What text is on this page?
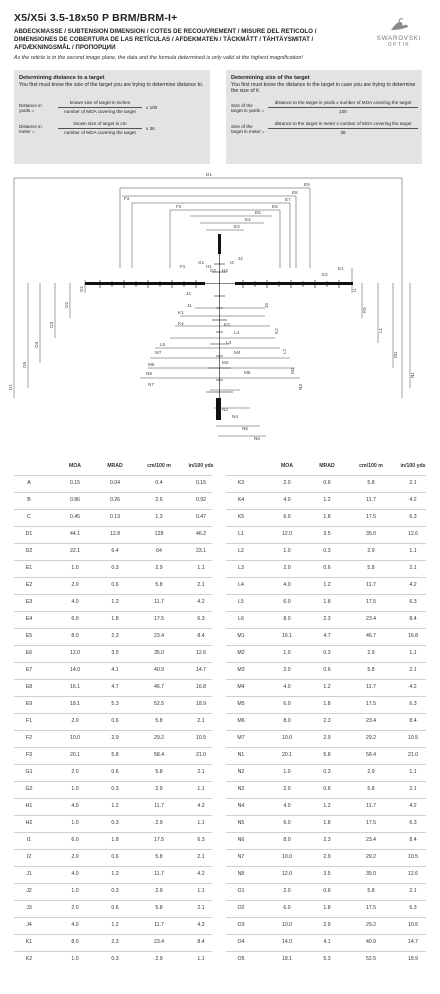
X5/X5i 3.5-18x50 P BRM/BRM-I+
ABDECKMASSE / SUBTENSION DIMENSION / COTES DE RECOUVREMENT / MISURE DEL RETICOLO / DIMENSIONES DE COBERTURA DE LAS RETÍCULAS / AFDEKMATEN / TÄCKMÅTT / TÄHTÄYSMITAT / AFDÆKNINGSMÅL / ПРОПОРЦИИ
As the reticle is in the second image plane, the data and the formula determined is only valid at the highest magnification!
SWAROVSKI
OPTIK
Determining distance to a target
You first must know the size of the target you are trying to determine distance to.
Distance in yards =
known size of target in inches
number of MOA covering the target
x 100
Distance in meter =
known size of target in cm
number of MOA covering the target
x 36
Determining size of the target
You first must know the distance to the target in case you are trying to determine the size of it.
Size of the target in yards =
distance to the target in yards x number of MOA covering the target
100
Size of the target in meter =
distance to the target in meter x number of MOA covering the target
36
D1
E9
E8
E7
E6
E5
E4
E3
F3
F2
F1
G1
G2
H1
H2
I2
J2
E2
E1
J4
J1
K1
K4
L5
M7
M6
N8
N7
K3
L4
L3
M4
M3
M5
N2
N4
N5
N6
D1
O5
O4
O3
O2
O1
N1
M1
L1
K5
I1
K2
L2
M2
N3
J3
MOA	MRAD	cm/100 m	in/100 yds	MOA	MRAD	cm/100 m	in/100 yds
A	0.15	0.04	0.4	0.15	K3	2.0	0.6	5.8	2.1
B	0.86	0.26	2.6	0.92	K4	4.0	1.2	11.7	4.2
C	0.45	0.13	1.3	0.47	K5	6.0	1.8	17.5	6.3
D1	44.1	12.8	128	46.2	L1	12.0	3.5	35.0	12.6
D2	22.1	6.4	64	23.1	L2	1.0	0.3	2.9	1.1
E1	1.0	0.3	2.9	1.1	L3	2.0	0.6	5.8	2.1
E2	2.0	0.6	5.8	2.1	L4	4.0	1.2	11.7	4.2
E3	4.0	1.2	11.7	4.2	L5	6.0	1.8	17.5	6.3
E4	6.0	1.8	17.5	6.3	L6	8.0	2.3	23.4	8.4
E5	8.0	2.3	23.4	8.4	M1	16.1	4.7	46.7	16.8
E6	12.0	3.5	35.0	12.6	M2	1.0	0.3	2.9	1.1
E7	14.0	4.1	40.9	14.7	M3	2.0	0.6	5.8	2.1
E8	16.1	4.7	46.7	16.8	M4	4.0	1.2	11.7	4.2
E9	18.1	5.3	52.5	18.9	M5	6.0	1.8	17.5	6.3
F1	2.0	0.6	5.8	2.1	M6	8.0	2.3	23.4	8.4
F2	10.0	2.9	29.2	10.5	M7	10.0	2.9	29.2	10.5
F3	20.1	5.8	58.4	21.0	N1	20.1	5.8	58.4	21.0
G1	2.0	0.6	5.8	2.1	N2	1.0	0.3	2.9	1.1
G2	1.0	0.3	2.9	1.1	N3	2.0	0.6	5.8	2.1
H1	4.0	1.2	11.7	4.2	N4	4.0	1.2	11.7	4.2
H2	1.0	0.3	2.9	1.1	N5	6.0	1.8	17.5	6.3
I1	6.0	1.8	17.5	6.3	N6	8.0	2.3	23.4	8.4
I2	2.0	0.6	5.8	2.1	N7	10.0	2.9	29.2	10.5
J1	4.0	1.2	11.7	4.2	N8	12.0	3.5	35.0	12.6
J2	1.0	0.3	2.9	1.1	O1	2.0	0.6	5.8	2.1
J3	2.0	0.6	5.8	2.1	O2	6.0	1.8	17.5	6.3
J4	4.0	1.2	11.7	4.2	O3	10.0	2.9	29.2	10.5
K1	8.0	2.3	23.4	8.4	O4	14.0	4.1	40.9	14.7
K2	1.0	0.3	2.9	1.1	O5	18.1	5.3	52.5	18.9
